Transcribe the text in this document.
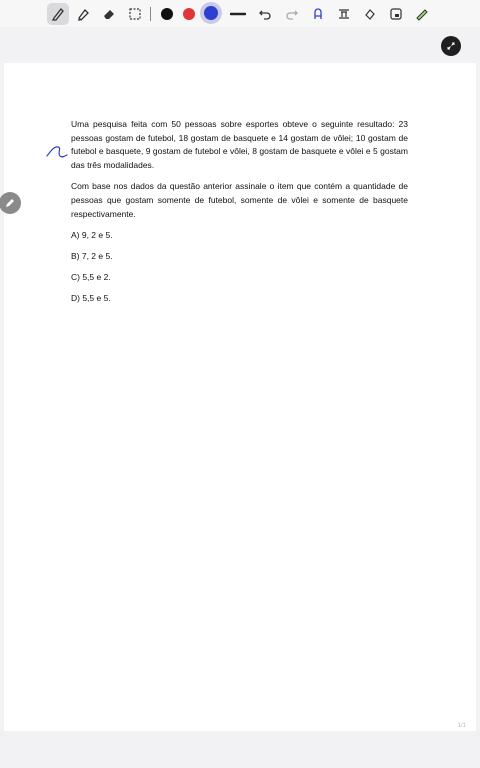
Uma pesquisa feita com 50 pessoas sobre esportes obteve o seguinte resultado: 23 pessoas gostam de futebol, 18 gostam de basquete e 14 gostam de vôlei; 10 gostam de futebol e basquete, 9 gostam de futebol e vôlei, 8 gostam de basquete e vôlei e 5 gostam das três modalidades.

Com base nos dados da questão anterior assinale o item que contém a quantidade de pessoas que gostam somente de futebol, somente de vôlei e somente de basquete respectivamente.

A) 9, 2 e 5.

B) 7, 2 e 5.

C) 5,5 e 2.

D) 5,5 e 5.

1/1
